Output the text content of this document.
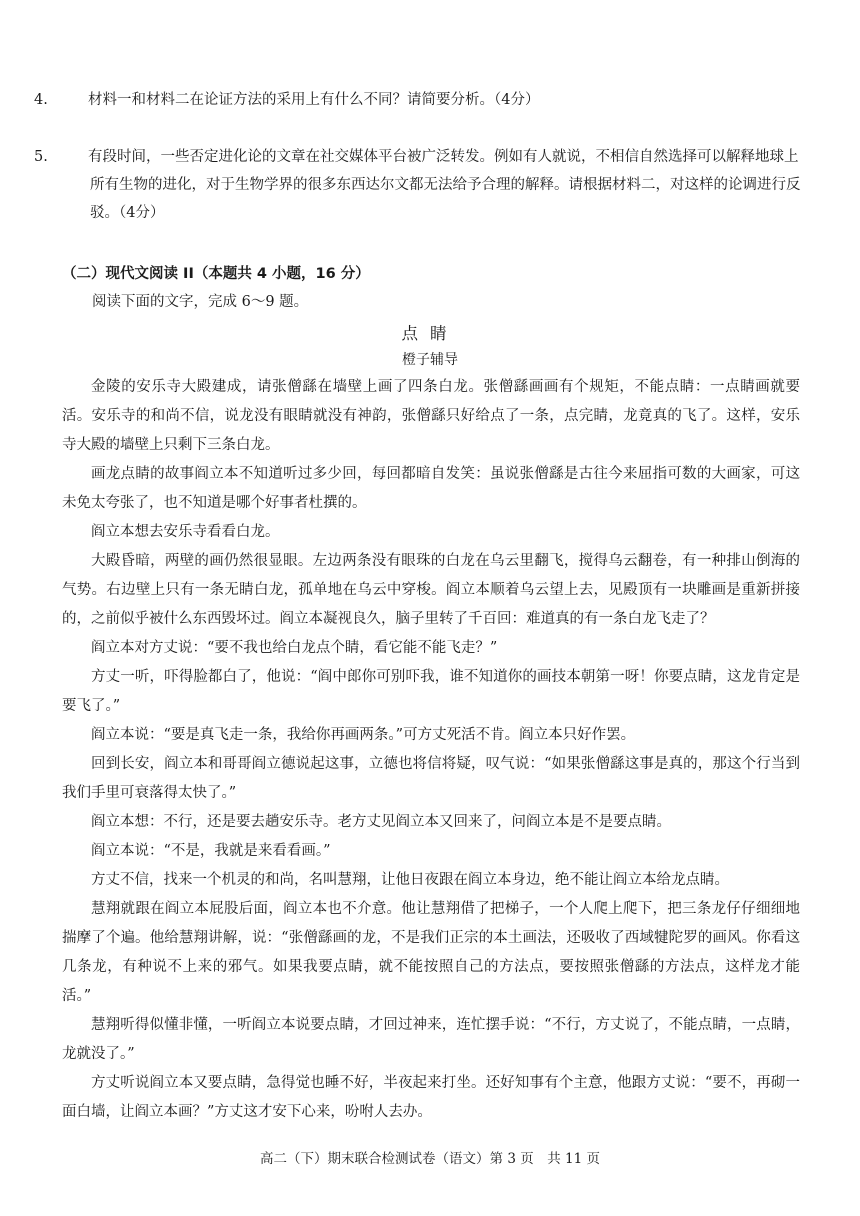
4.	材料一和材料二在论证方法的采用上有什么不同？请简要分析。（4分）
5.	有段时间，一些否定进化论的文章在社交媒体平台被广泛转发。例如有人就说，不相信自然选择可以解释地球上所有生物的进化，对于生物学界的很多东西达尔文都无法给予合理的解释。请根据材料二，对这样的论调进行反驳。（4分）
（二）现代文阅读 II（本题共 4 小题，16 分）
阅读下面的文字，完成 6～9 题。
点睛
橙子辅导

金陵的安乐寺大殿建成，请张僧繇在墙壁上画了四条白龙。张僧繇画画有个规矩，不能点睛：一点睛画就要活。安乐寺的和尚不信，说龙没有眼睛就没有神韵，张僧繇只好给点了一条，点完睛，龙竟真的飞了。这样，安乐寺大殿的墙壁上只剩下三条白龙。

画龙点睛的故事阎立本不知道听过多少回，每回都暗自发笑：虽说张僧繇是古往今来屈指可数的大画家，可这未免太夸张了，也不知道是哪个好事者杜撰的。

阎立本想去安乐寺看看白龙。

大殿昏暗，两壁的画仍然很显眼。左边两条没有眼珠的白龙在乌云里翻飞，搅得乌云翻卷，有一种排山倒海的气势。右边壁上只有一条无睛白龙，孤单地在乌云中穿梭。阎立本顺着乌云望上去，见殿顶有一块雕画是重新拼接的，之前似乎被什么东西毁坏过。阎立本凝视良久，脑子里转了千百回：难道真的有一条白龙飞走了？

阎立本对方丈说：“要不我也给白龙点个睛，看它能不能飞走？”

方丈一听，吓得脸都白了，他说：“阎中郎你可别吓我，谁不知道你的画技本朝第一呀！你要点睛，这龙肯定是要飞了。”

阎立本说：“要是真飞走一条，我给你再画两条。”可方丈死活不肯。阎立本只好作罢。

回到长安，阎立本和哥哥阎立德说起这事，立德也将信将疑，叹气说：“如果张僧繇这事是真的，那这个行当到我们手里可衰落得太快了。”

阎立本想：不行，还是要去趟安乐寺。老方丈见阎立本又回来了，问阎立本是不是要点睛。

阎立本说：“不是，我就是来看看画。”

方丈不信，找来一个机灵的和尚，名叫慧翔，让他日夜跟在阎立本身边，绝不能让阎立本给龙点睛。

慧翔就跟在阎立本屁股后面，阎立本也不介意。他让慧翔借了把梯子，一个人爬上爬下，把三条龙仔仔细细地揣摩了个遍。他给慧翔讲解，说：“张僧繇画的龙，不是我们正宗的本土画法，还吸收了西域犍陀罗的画风。你看这几条龙，有种说不上来的邪气。如果我要点睛，就不能按照自己的方法点，要按照张僧繇的方法点，这样龙才能活。”

慧翔听得似懂非懂，一听阎立本说要点睛，才回过神来，连忙摆手说：“不行，方丈说了，不能点睛，一点睛，龙就没了。”

方丈听说阎立本又要点睛，急得觉也睡不好，半夜起来打坐。还好知事有个主意，他跟方丈说：“要不，再砌一面白墙，让阎立本画？”方丈这才安下心来，吩咐人去办。

高二（下）期末联合检测试卷（语文）第 3 页　共 11 页
